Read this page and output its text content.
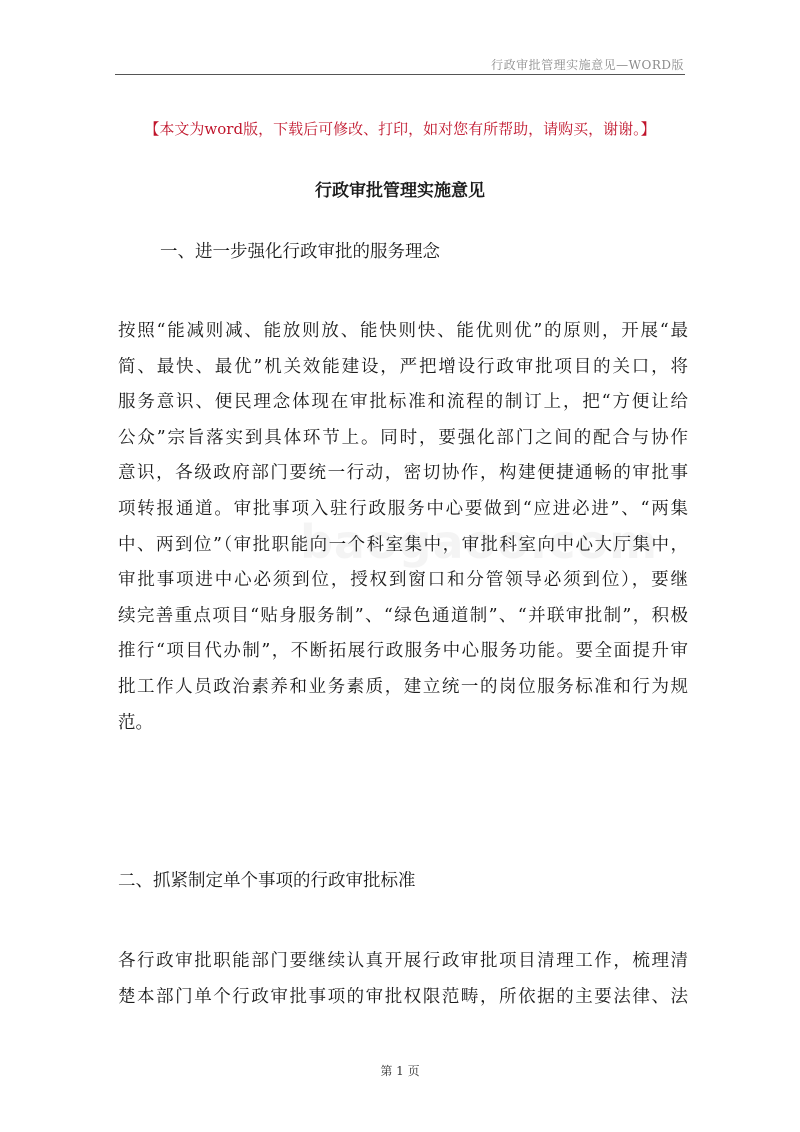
行政审批管理实施意见—WORD版
【本文为word版，下载后可修改、打印，如对您有所帮助，请购买，谢谢。】
行政审批管理实施意见
一、进一步强化行政审批的服务理念
按照“能减则减、能放则放、能快则快、能优则优”的原则，开展“最
简、最快、最优”机关效能建设，严把增设行政审批项目的关口，将
服务意识、便民理念体现在审批标准和流程的制订上，把“方便让给
公众”宗旨落实到具体环节上。同时，要强化部门之间的配合与协作
意识，各级政府部门要统一行动，密切协作，构建便捷通畅的审批事
项转报通道。审批事项入驻行政服务中心要做到“应进必进”、“两集
中、两到位”（审批职能向一个科室集中，审批科室向中心大厅集中，
审批事项进中心必须到位，授权到窗口和分管领导必须到位），要继
续完善重点项目“贴身服务制”、“绿色通道制”、“并联审批制”，积极
推行“项目代办制”，不断拓展行政服务中心服务功能。要全面提升审
批工作人员政治素养和业务素质，建立统一的岗位服务标准和行为规
范。
二、抓紧制定单个事项的行政审批标准
各行政审批职能部门要继续认真开展行政审批项目清理工作，梳理清
楚本部门单个行政审批事项的审批权限范畴，所依据的主要法律、法
第 1 页
